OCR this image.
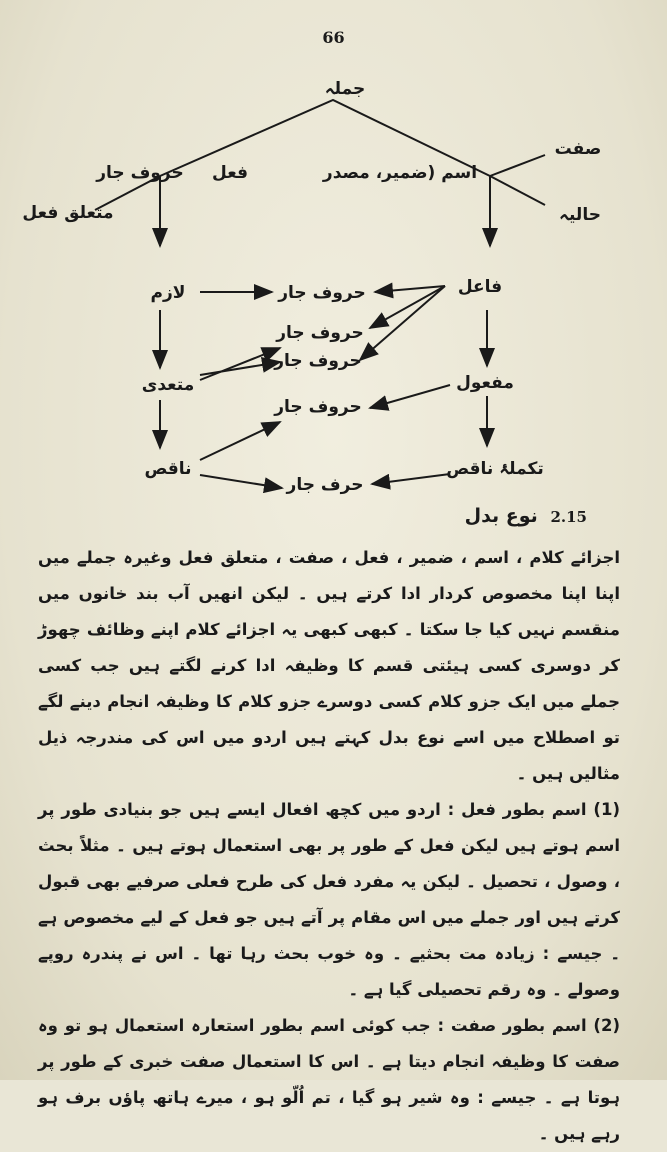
66
جملہ
فعل
حروف جار
متعلق فعل
اسم (ضمیر، مصدر
صفت
حالیہ
لازم
متعدی
ناقص
فاعل
مفعول
تکملۂ ناقص
حروف جار
حروف جار
حروف جار
حروف جار
حرف جار
2.15 نوع بدل

اجزائے کلام ، اسم ، ضمیر ، فعل ، صفت ، متعلق فعل وغیرہ جملے میں اپنا اپنا مخصوص کردار ادا کرتے ہیں ۔ لیکن انھیں آب بند خانوں میں منقسم نہیں کیا جا سکتا ۔ کبھی کبھی یہ اجزائے کلام اپنے وظائف چھوڑ کر دوسری کسی ہیئتی قسم کا وظیفہ ادا کرنے لگتے ہیں جب کسی جملے میں ایک جزو کلام کسی دوسرے جزو کلام کا وظیفہ انجام دینے لگے تو اصطلاح میں اسے نوع بدل کہتے ہیں اردو میں اس کی مندرجہ ذیل مثالیں ہیں ۔

(1) اسم بطور فعل : اردو میں کچھ افعال ایسے ہیں جو بنیادی طور پر اسم ہوتے ہیں لیکن فعل کے طور پر بھی استعمال ہوتے ہیں ۔ مثلاً بحث ، وصول ، تحصیل ۔ لیکن یہ مفرد فعل کی طرح فعلی صرفیے بھی قبول کرتے ہیں اور جملے میں اس مقام پر آتے ہیں جو فعل کے لیے مخصوص ہے ۔ جیسے : زیادہ مت بحثیے ۔ وہ خوب بحث رہا تھا ۔ اس نے پندرہ روپے وصولے ۔ وہ رقم تحصیلی گیا ہے ۔

(2) اسم بطور صفت : جب کوئی اسم بطور استعارہ استعمال ہو تو وہ صفت کا وظیفہ انجام دیتا ہے ۔ اس کا استعمال صفت خبری کے طور پر ہوتا ہے ۔ جیسے : وہ شیر ہو گیا ، تم اُلّو ہو ، میرے ہاتھ پاؤں برف ہو رہے ہیں ۔
